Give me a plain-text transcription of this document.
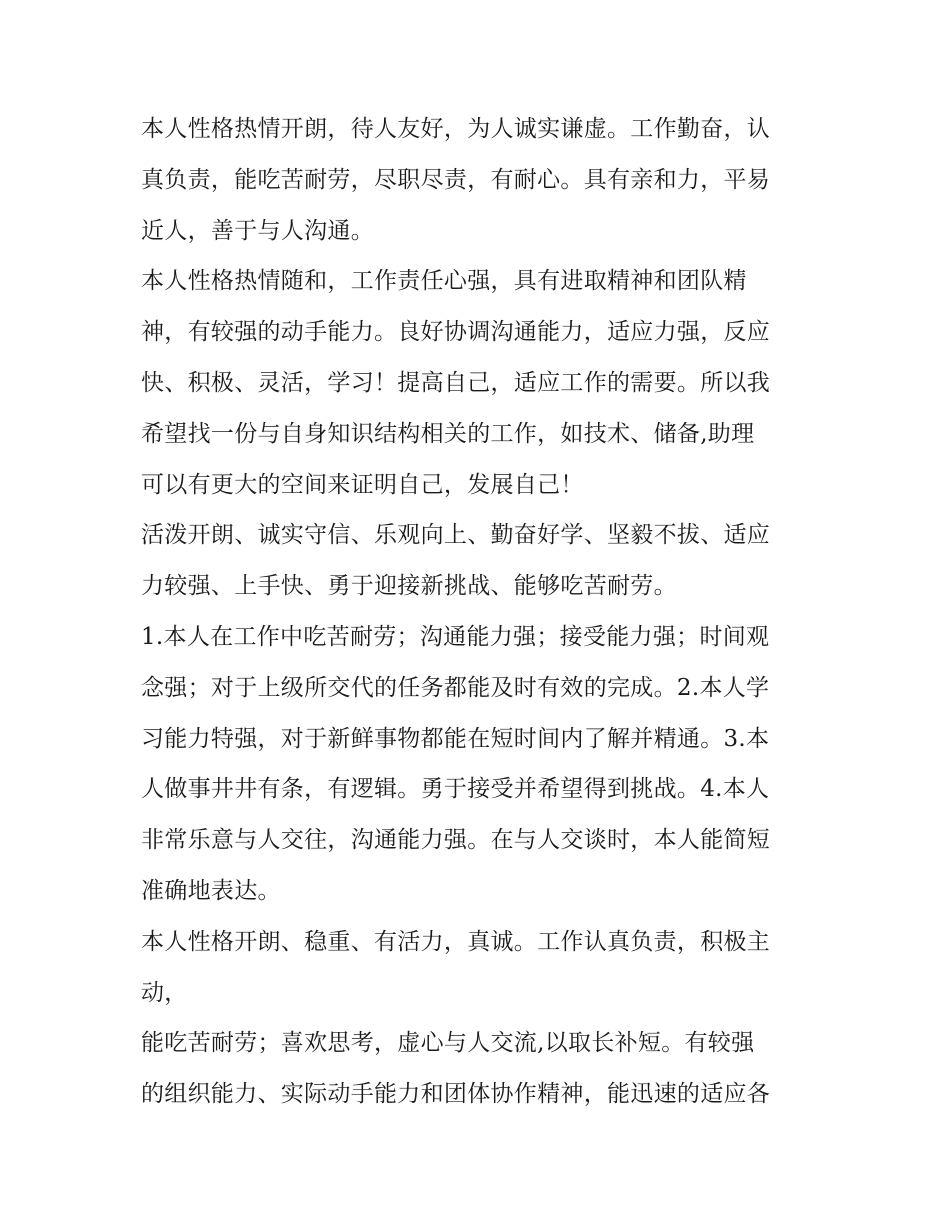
本人性格热情开朗，待人友好，为人诚实谦虚。工作勤奋，认

真负责，能吃苦耐劳，尽职尽责，有耐心。具有亲和力，平易

近人，善于与人沟通。

本人性格热情随和，工作责任心强，具有进取精神和团队精

神，有较强的动手能力。良好协调沟通能力，适应力强，反应

快、积极、灵活，学习！提高自己，适应工作的需要。所以我

希望找一份与自身知识结构相关的工作，如技术、储备,助理

可以有更大的空间来证明自己，发展自己！

活泼开朗、诚实守信、乐观向上、勤奋好学、坚毅不拔、适应

力较强、上手快、勇于迎接新挑战、能够吃苦耐劳。

1.本人在工作中吃苦耐劳；沟通能力强；接受能力强；时间观

念强；对于上级所交代的任务都能及时有效的完成。2.本人学

习能力特强，对于新鲜事物都能在短时间内了解并精通。3.本

人做事井井有条，有逻辑。勇于接受并希望得到挑战。4.本人

非常乐意与人交往，沟通能力强。在与人交谈时，本人能简短

准确地表达。

本人性格开朗、稳重、有活力，真诚。工作认真负责，积极主

动，

能吃苦耐劳；喜欢思考，虚心与人交流,以取长补短。有较强

的组织能力、实际动手能力和团体协作精神，能迅速的适应各
